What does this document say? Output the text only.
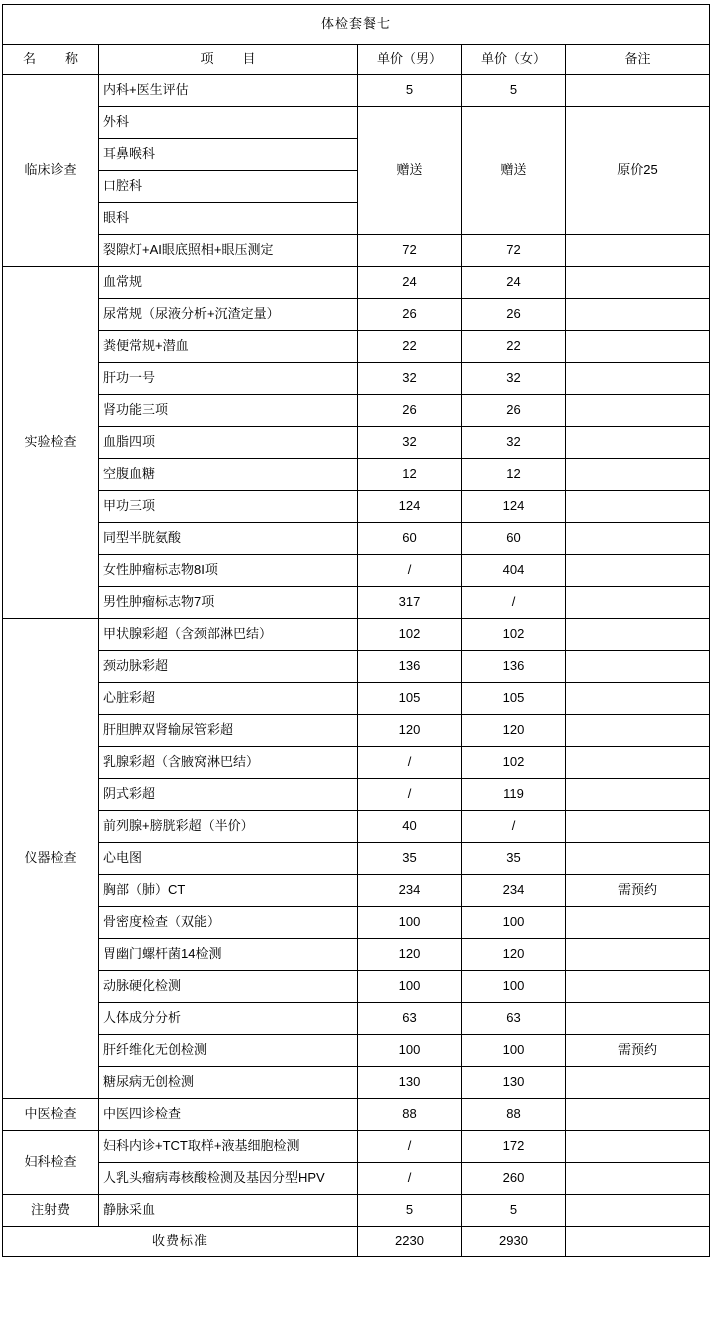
体检套餐七				
名　称	项　目	单价（男）	单价（女）	备注
临床诊查	内科+医生评估	5	5	
	外科	赠送	赠送	原价25
	耳鼻喉科			
	口腔科			
	眼科			
	裂隙灯+AI眼底照相+眼压测定	72	72	
实验检查	血常规	24	24	
	尿常规（尿液分析+沉渣定量）	26	26	
	粪便常规+潜血	22	22	
	肝功一号	32	32	
	肾功能三项	26	26	
	血脂四项	32	32	
	空腹血糖	12	12	
	甲功三项	124	124	
	同型半胱氨酸	60	60	
	女性肿瘤标志物8I项	/	404	
	男性肿瘤标志物7项	317	/	
仪器检查	甲状腺彩超（含颈部淋巴结）	102	102	
	颈动脉彩超	136	136	
	心脏彩超	105	105	
	肝胆脾双肾输尿管彩超	120	120	
	乳腺彩超（含腋窝淋巴结）	/	102	
	阴式彩超	/	119	
	前列腺+膀胱彩超（半价）	40	/	
	心电图	35	35	
	胸部（肺）CT	234	234	需预约
	骨密度检查（双能）	100	100	
	胃幽门螺杆菌14检测	120	120	
	动脉硬化检测	100	100	
	人体成分分析	63	63	
	肝纤维化无创检测	100	100	需预约
	糖尿病无创检测	130	130	
中医检查	中医四诊检查	88	88	
妇科检查	妇科内诊+TCT取样+液基细胞检测	/	172	
	人乳头瘤病毒核酸检测及基因分型HPV	/	260	
注射费	静脉采血	5	5	
收费标准		2230	2930	
